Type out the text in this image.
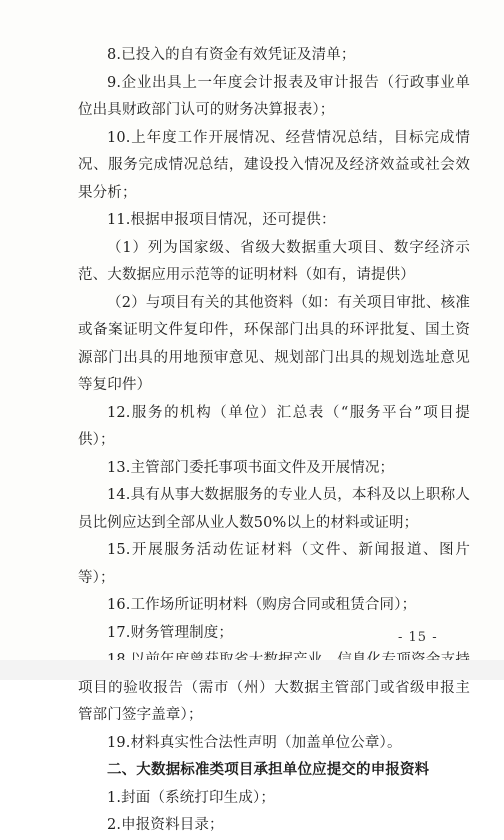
8.已投入的自有资金有效凭证及清单；

9.企业出具上一年度会计报表及审计报告（行政事业单位出具财政部门认可的财务决算报表）；

10.上年度工作开展情况、经营情况总结，目标完成情况、服务完成情况总结，建设投入情况及经济效益或社会效果分析；

11.根据申报项目情况，还可提供：

（1）列为国家级、省级大数据重大项目、数字经济示范、大数据应用示范等的证明材料（如有，请提供）

（2）与项目有关的其他资料（如：有关项目审批、核准或备案证明文件复印件，环保部门出具的环评批复、国土资源部门出具的用地预审意见、规划部门出具的规划选址意见等复印件）

12.服务的机构（单位）汇总表（“服务平台”项目提供）；

13.主管部门委托事项书面文件及开展情况；

14.具有从事大数据服务的专业人员，本科及以上职称人员比例应达到全部从业人数50%以上的材料或证明；

15.开展服务活动佐证材料（文件、新闻报道、图片等）；

16.工作场所证明材料（购房合同或租赁合同）；

17.财务管理制度；

项目的验收报告（需市（州）大数据主管部门或省级申报主管部门签字盖章）；

19.材料真实性合法性声明（加盖单位公章）。

二、大数据标准类项目承担单位应提交的申报资料

1.封面（系统打印生成）；

2.申报资料目录；

- 15 -
